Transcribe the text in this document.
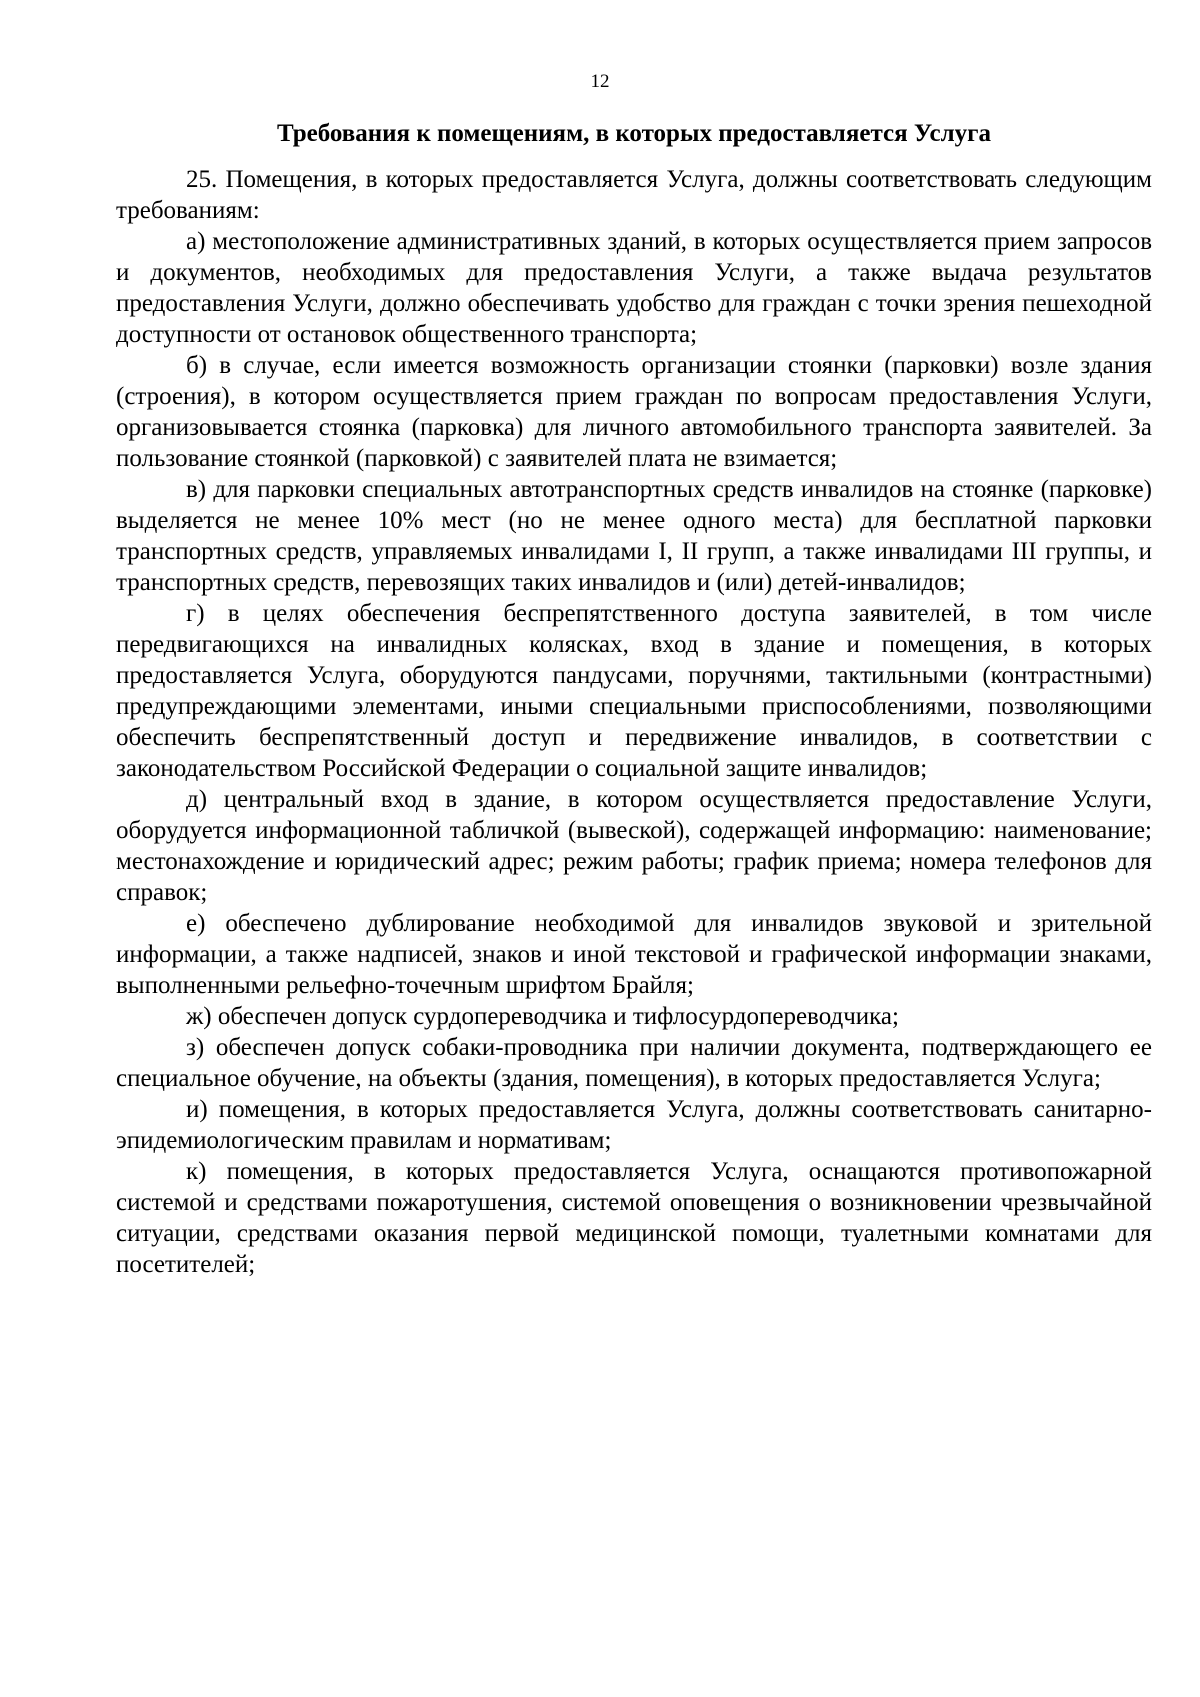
12
Требования к помещениям, в которых предоставляется Услуга

25. Помещения, в которых предоставляется Услуга, должны соответствовать следующим требованиям:

а) местоположение административных зданий, в которых осуществляется прием запросов и документов, необходимых для предоставления Услуги, а также выдача результатов предоставления Услуги, должно обеспечивать удобство для граждан с точки зрения пешеходной доступности от остановок общественного транспорта;

б) в случае, если имеется возможность организации стоянки (парковки) возле здания (строения), в котором осуществляется прием граждан по вопросам предоставления Услуги, организовывается стоянка (парковка) для личного автомобильного транспорта заявителей. За пользование стоянкой (парковкой) с заявителей плата не взимается;

в) для парковки специальных автотранспортных средств инвалидов на стоянке (парковке) выделяется не менее 10% мест (но не менее одного места) для бесплатной парковки транспортных средств, управляемых инвалидами I, II групп, а также инвалидами III группы, и транспортных средств, перевозящих таких инвалидов и (или) детей-инвалидов;

г) в целях обеспечения беспрепятственного доступа заявителей, в том числе передвигающихся на инвалидных колясках, вход в здание и помещения, в которых предоставляется Услуга, оборудуются пандусами, поручнями, тактильными (контрастными) предупреждающими элементами, иными специальными приспособлениями, позволяющими обеспечить беспрепятственный доступ и передвижение инвалидов, в соответствии с законодательством Российской Федерации о социальной защите инвалидов;

д) центральный вход в здание, в котором осуществляется предоставление Услуги, оборудуется информационной табличкой (вывеской), содержащей информацию: наименование; местонахождение и юридический адрес; режим работы; график приема; номера телефонов для справок;

е) обеспечено дублирование необходимой для инвалидов звуковой и зрительной информации, а также надписей, знаков и иной текстовой и графической информации знаками, выполненными рельефно-точечным шрифтом Брайля;

ж) обеспечен допуск сурдопереводчика и тифлосурдопереводчика;

з) обеспечен допуск собаки-проводника при наличии документа, подтверждающего ее специальное обучение, на объекты (здания, помещения), в которых предоставляется Услуга;

и) помещения, в которых предоставляется Услуга, должны соответствовать санитарно-эпидемиологическим правилам и нормативам;

к) помещения, в которых предоставляется Услуга, оснащаются противопожарной системой и средствами пожаротушения, системой оповещения о возникновении чрезвычайной ситуации, средствами оказания первой медицинской помощи, туалетными комнатами для посетителей;
